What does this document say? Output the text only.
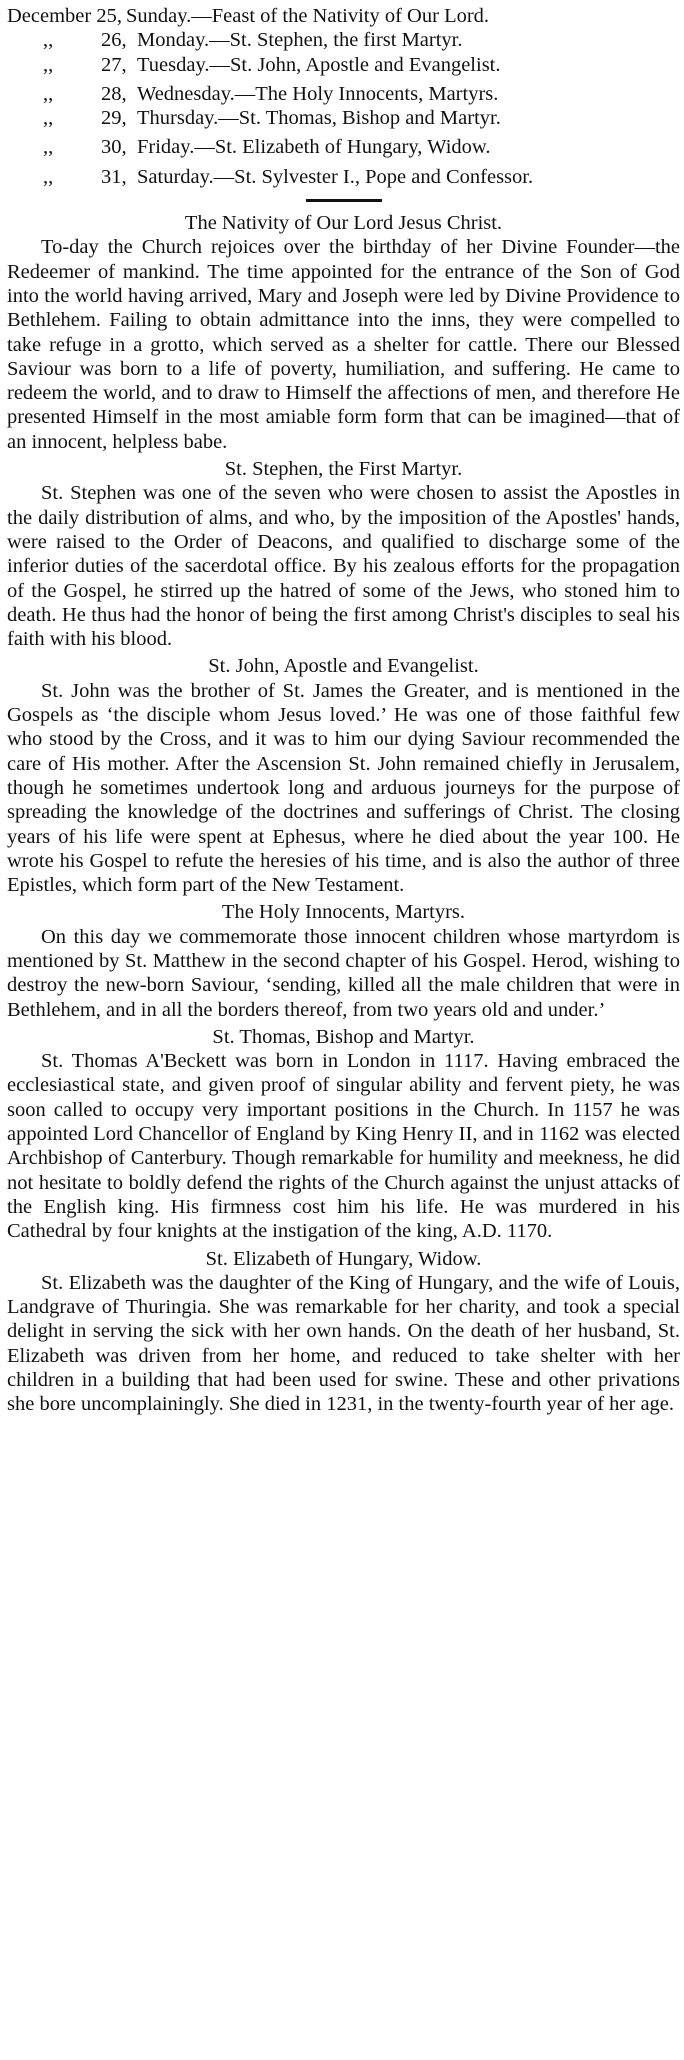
December 25, Sunday.—Feast of the Nativity of Our Lord.
,, 26, Monday.—St. Stephen, the first Martyr.
,, 27, Tuesday.—St. John, Apostle and Evangelist.
,, 28, Wednesday.—The Holy Innocents, Martyrs.
,, 29, Thursday.—St. Thomas, Bishop and Martyr.
,, 30, Friday.—St. Elizabeth of Hungary, Widow.
,, 31, Saturday.—St. Sylvester I., Pope and Confessor.
The Nativity of Our Lord Jesus Christ.

To-day the Church rejoices over the birthday of her Divine Founder—the Redeemer of mankind. The time appointed for the entrance of the Son of God into the world having arrived, Mary and Joseph were led by Divine Providence to Bethlehem. Failing to obtain admittance into the inns, they were compelled to take refuge in a grotto, which served as a shelter for cattle. There our Blessed Saviour was born to a life of poverty, humiliation, and suffering. He came to redeem the world, and to draw to Himself the affections of men, and therefore He presented Himself in the most amiable form form that can be imagined—that of an innocent, helpless babe.

St. Stephen, the First Martyr.

St. Stephen was one of the seven who were chosen to assist the Apostles in the daily distribution of alms, and who, by the imposition of the Apostles' hands, were raised to the Order of Deacons, and qualified to discharge some of the inferior duties of the sacerdotal office. By his zealous efforts for the propagation of the Gospel, he stirred up the hatred of some of the Jews, who stoned him to death. He thus had the honor of being the first among Christ's disciples to seal his faith with his blood.

St. John, Apostle and Evangelist.

St. John was the brother of St. James the Greater, and is mentioned in the Gospels as ‘the disciple whom Jesus loved.’ He was one of those faithful few who stood by the Cross, and it was to him our dying Saviour recommended the care of His mother. After the Ascension St. John remained chiefly in Jerusalem, though he sometimes undertook long and arduous journeys for the purpose of spreading the knowledge of the doctrines and sufferings of Christ. The closing years of his life were spent at Ephesus, where he died about the year 100. He wrote his Gospel to refute the heresies of his time, and is also the author of three Epistles, which form part of the New Testament.

The Holy Innocents, Martyrs.

On this day we commemorate those innocent children whose martyrdom is mentioned by St. Matthew in the second chapter of his Gospel. Herod, wishing to destroy the new-born Saviour, ‘sending, killed all the male children that were in Bethlehem, and in all the borders thereof, from two years old and under.’

St. Thomas, Bishop and Martyr.

St. Thomas A'Beckett was born in London in 1117. Having embraced the ecclesiastical state, and given proof of singular ability and fervent piety, he was soon called to occupy very important positions in the Church. In 1157 he was appointed Lord Chancellor of England by King Henry II, and in 1162 was elected Archbishop of Canterbury. Though remarkable for humility and meekness, he did not hesitate to boldly defend the rights of the Church against the unjust attacks of the English king. His firmness cost him his life. He was murdered in his Cathedral by four knights at the instigation of the king, A.D. 1170.

St. Elizabeth of Hungary, Widow.

St. Elizabeth was the daughter of the King of Hungary, and the wife of Louis, Landgrave of Thuringia. She was remarkable for her charity, and took a special delight in serving the sick with her own hands. On the death of her husband, St. Elizabeth was driven from her home, and reduced to take shelter with her children in a building that had been used for swine. These and other privations she bore uncomplainingly. She died in 1231, in the twenty-fourth year of her age.
